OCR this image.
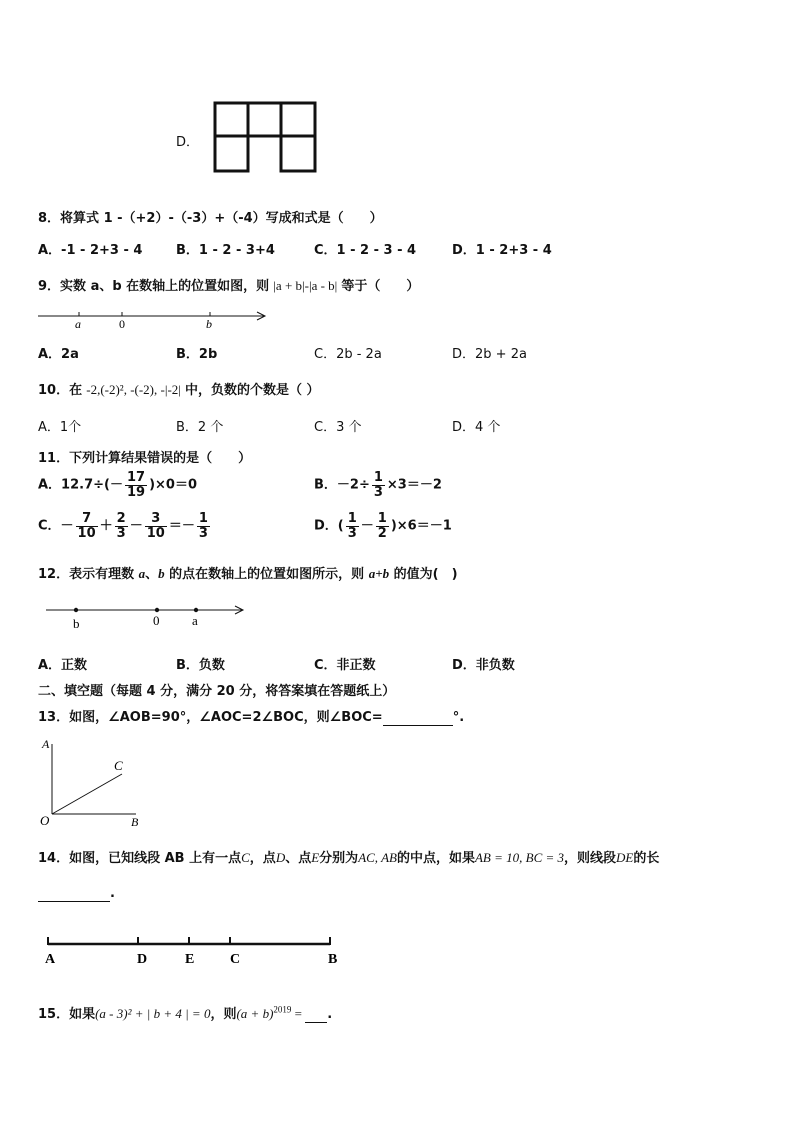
D．
8．将算式 1 -（+2）-（-3）+（-4）写成和式是（　　）
A．-1 - 2+3 - 4	B．1 - 2 - 3+4	C．1 - 2 - 3 - 4	D．1 - 2+3 - 4
9．实数 a、b 在数轴上的位置如图，则 |a + b|-|a - b| 等于（　　）
a	0	b
A．2a	B．2b	C．2b - 2a	D．2b + 2a
10．在 -2,(-2)², -(-2), -|-2| 中，负数的个数是（ ）
A．1个	B．2 个	C．3 个	D．4 个
11．下列计算结果错误的是（　　）
A．$12.7\div(- \frac{17}{19} )\times 0=0$	B．$-2\div \frac{1}{3} \times 3=-2$
C．－ $\frac{7}{10} + \frac{2}{3} - \frac{3}{10} =- \frac{1}{3}$	D．( $\frac{1}{3} - \frac{1}{2} )\times 6=-1$
12．表示有理数 a、b 的点在数轴上的位置如图所示，则 a+b 的值为(　)
b	0	a
A．正数	B．负数	C．非正数	D．非负数
二、填空题（每题 4 分，满分 20 分，将答案填在答题纸上）
13．如图，∠AOB=90°，∠AOC=2∠BOC，则∠BOC=	°.
A
C
O	B
14．如图，已知线段 AB 上有一点C，点D、点E分别为AC, AB的中点，如果AB = 10, BC = 3，则线段DE的长
.
A	D	E	C	B
15．如果(a - 3)² + | b + 4 | = 0，则$(a + b)^{2019}$ =  .
